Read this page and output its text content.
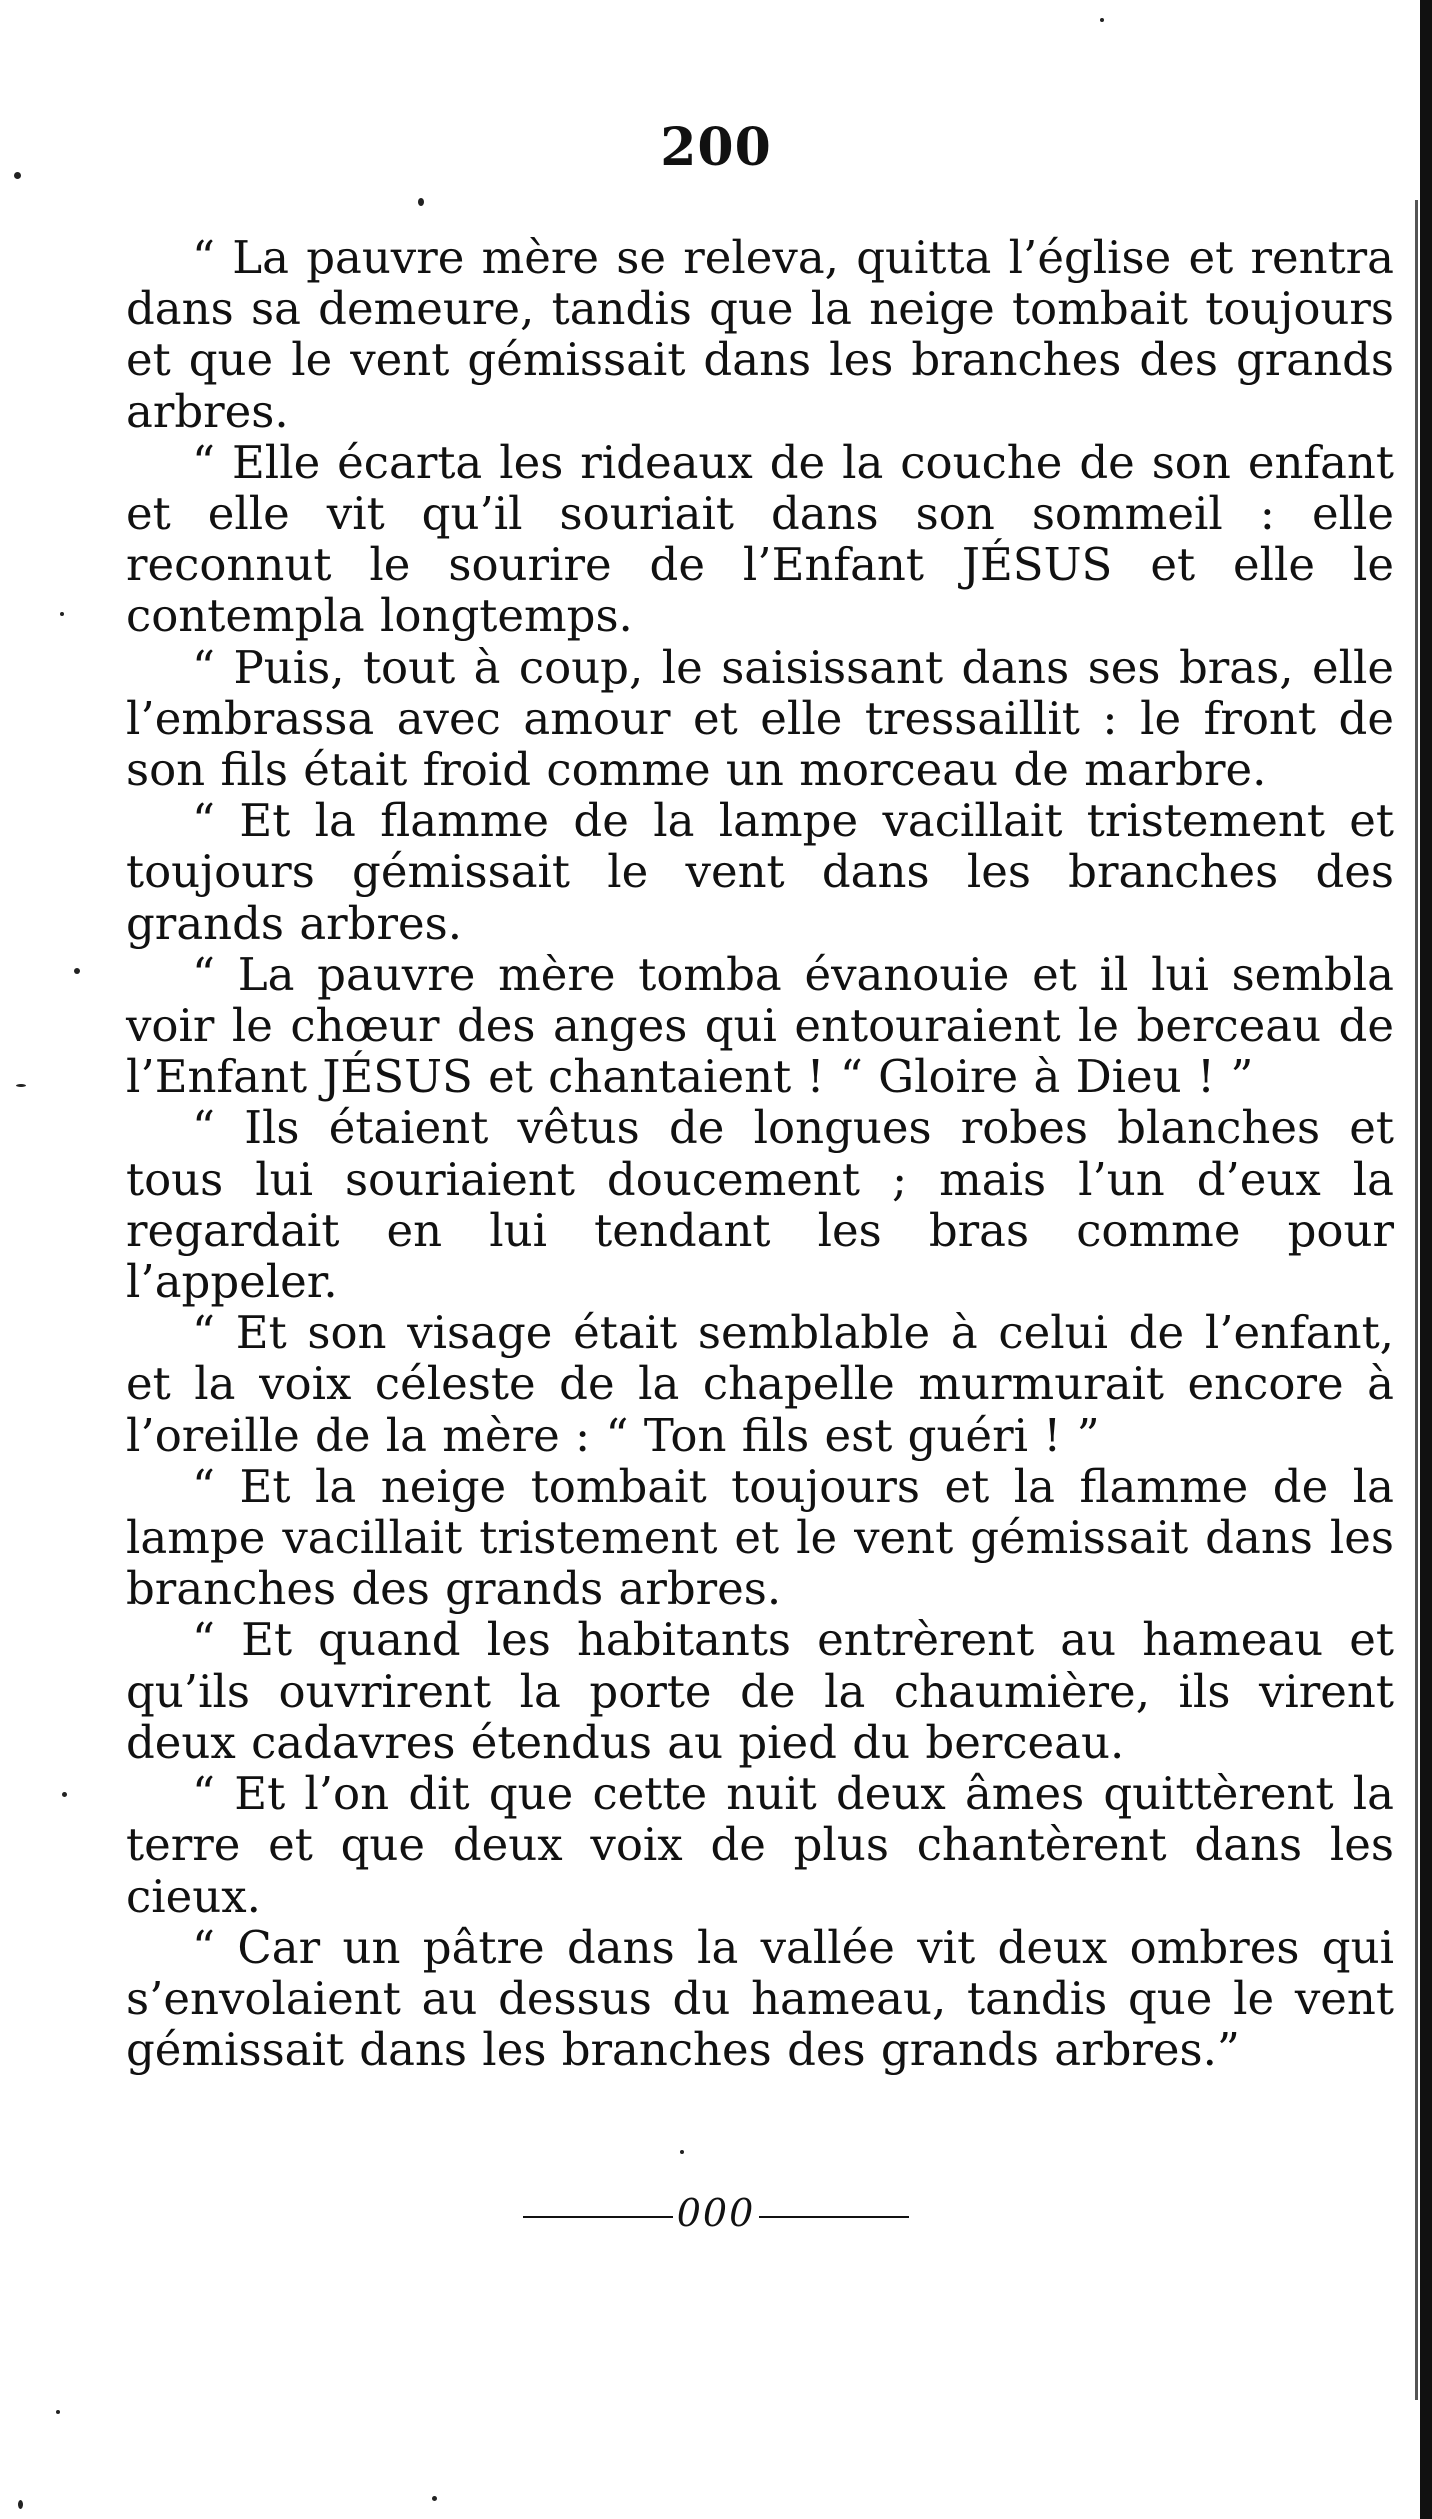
200

“ La pauvre mère se releva, quitta l’église et rentra dans sa demeure, tandis que la neige tombait toujours et que le vent gémissait dans les branches des grands arbres.

“ Elle écarta les rideaux de la couche de son enfant et elle vit qu’il souriait dans son sommeil : elle reconnut le sourire de l’Enfant JÉSUS et elle le contempla longtemps.

“ Puis, tout à coup, le saisissant dans ses bras, elle l’embrassa avec amour et elle tressaillit : le front de son fils était froid comme un morceau de marbre.

“ Et la flamme de la lampe vacillait tristement et toujours gémissait le vent dans les branches des grands arbres.

“ La pauvre mère tomba évanouie et il lui sembla voir le chœur des anges qui entouraient le berceau de l’Enfant JÉSUS et chantaient ! “ Gloire à Dieu ! ”

“ Ils étaient vêtus de longues robes blanches et tous lui souriaient doucement ; mais l’un d’eux la regardait en lui tendant les bras comme pour l’appeler.

“ Et son visage était semblable à celui de l’enfant, et la voix céleste de la chapelle murmurait encore à l’oreille de la mère : “ Ton fils est guéri ! ”

“ Et la neige tombait toujours et la flamme de la lampe vacillait tristement et le vent gémissait dans les branches des grands arbres.

“ Et quand les habitants entrèrent au hameau et qu’ils ouvrirent la porte de la chaumière, ils virent deux cadavres étendus au pied du berceau.

“ Et l’on dit que cette nuit deux âmes quittèrent la terre et que deux voix de plus chantèrent dans les cieux.

“ Car un pâtre dans la vallée vit deux ombres qui s’envolaient au dessus du hameau, tandis que le vent gémissait dans les branches des grands arbres.”

000
